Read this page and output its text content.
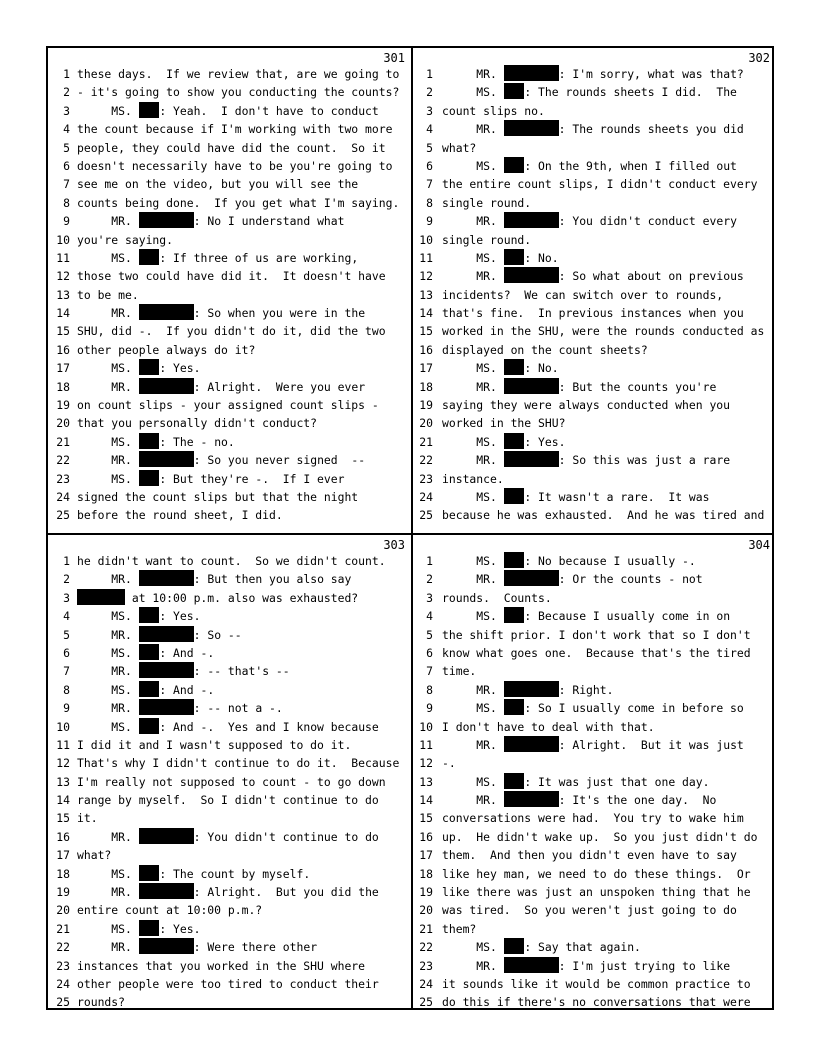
301
1 these days.  If we review that, are we going to
2 - it's going to show you conducting the counts?
3 MS. : Yeah.  I don't have to conduct
4 the count because if I'm working with two more
5 people, they could have did the count.  So it
6 doesn't necessarily have to be you're going to
7 see me on the video, but you will see the
8 counts being done.  If you get what I'm saying.
9 MR.	: No I understand what
10 you're saying.
11 MS. : If three of us are working,
12 those two could have did it.  It doesn't have
13 to be me.
14 MR.	: So when you were in the
15 SHU, did -.  If you didn't do it, did the two
16 other people always do it?
17 MS. : Yes.
18 MR.	: Alright.  Were you ever
19 on count slips - your assigned count slips -
20 that you personally didn't conduct?
21 MS. : The - no.
22 MR.	: So you never signed  --
23 MS. : But they're -.  If I ever
24 signed the count slips but that the night
25 before the round sheet, I did.
302
1 MR.	: I'm sorry, what was that?
2 MS. : The rounds sheets I did.  The
3 count slips no.
4 MR.	: The rounds sheets you did
5 what?
6 MS. : On the 9th, when I filled out
7 the entire count slips, I didn't conduct every
8 single round.
9 MR.	: You didn't conduct every
10 single round.
11 MS. : No.
12 MR.	: So what about on previous
13 incidents?  We can switch over to rounds,
14 that's fine.  In previous instances when you
15 worked in the SHU, were the rounds conducted as
16 displayed on the count sheets?
17 MS. : No.
18 MR.	: But the counts you're
19 saying they were always conducted when you
20 worked in the SHU?
21 MS. : Yes.
22 MR.	: So this was just a rare
23 instance.
24 MS. : It wasn't a rare.  It was
25 because he was exhausted.  And he was tired and
303
1 he didn't want to count.  So we didn't count.
2 MR.	: But then you also say
3	at 10:00 p.m. also was exhausted?
4 MS. : Yes.
5 MR.	: So --
6 MS. : And -.
7 MR.	: -- that's --
8 MS. : And -.
9 MR.	: -- not a -.
10 MS. : And -.  Yes and I know because
11 I did it and I wasn't supposed to do it.
12 That's why I didn't continue to do it.  Because
13 I'm really not supposed to count - to go down
14 range by myself.  So I didn't continue to do
15 it.
16 MR.	: You didn't continue to do
17 what?
18 MS. : The count by myself.
19 MR.	: Alright.  But you did the
20 entire count at 10:00 p.m.?
21 MS. : Yes.
22 MR.	: Were there other
23 instances that you worked in the SHU where
24 other people were too tired to conduct their
25 rounds?
304
1 MS. : No because I usually -.
2 MR.	: Or the counts - not
3 rounds.  Counts.
4 MS. : Because I usually come in on
5 the shift prior. I don't work that so I don't
6 know what goes one.  Because that's the tired
7 time.
8 MR.	: Right.
9 MS. : So I usually come in before so
10 I don't have to deal with that.
11 MR.	: Alright.  But it was just
12 -.
13 MS. : It was just that one day.
14 MR.	: It's the one day.  No
15 conversations were had.  You try to wake him
16 up.  He didn't wake up.  So you just didn't do
17 them.  And then you didn't even have to say
18 like hey man, we need to do these things.  Or
19 like there was just an unspoken thing that he
20 was tired.  So you weren't just going to do
21 them?
22 MS. : Say that again.
23 MR.	: I'm just trying to like
24 it sounds like it would be common practice to
25 do this if there's no conversations that were
